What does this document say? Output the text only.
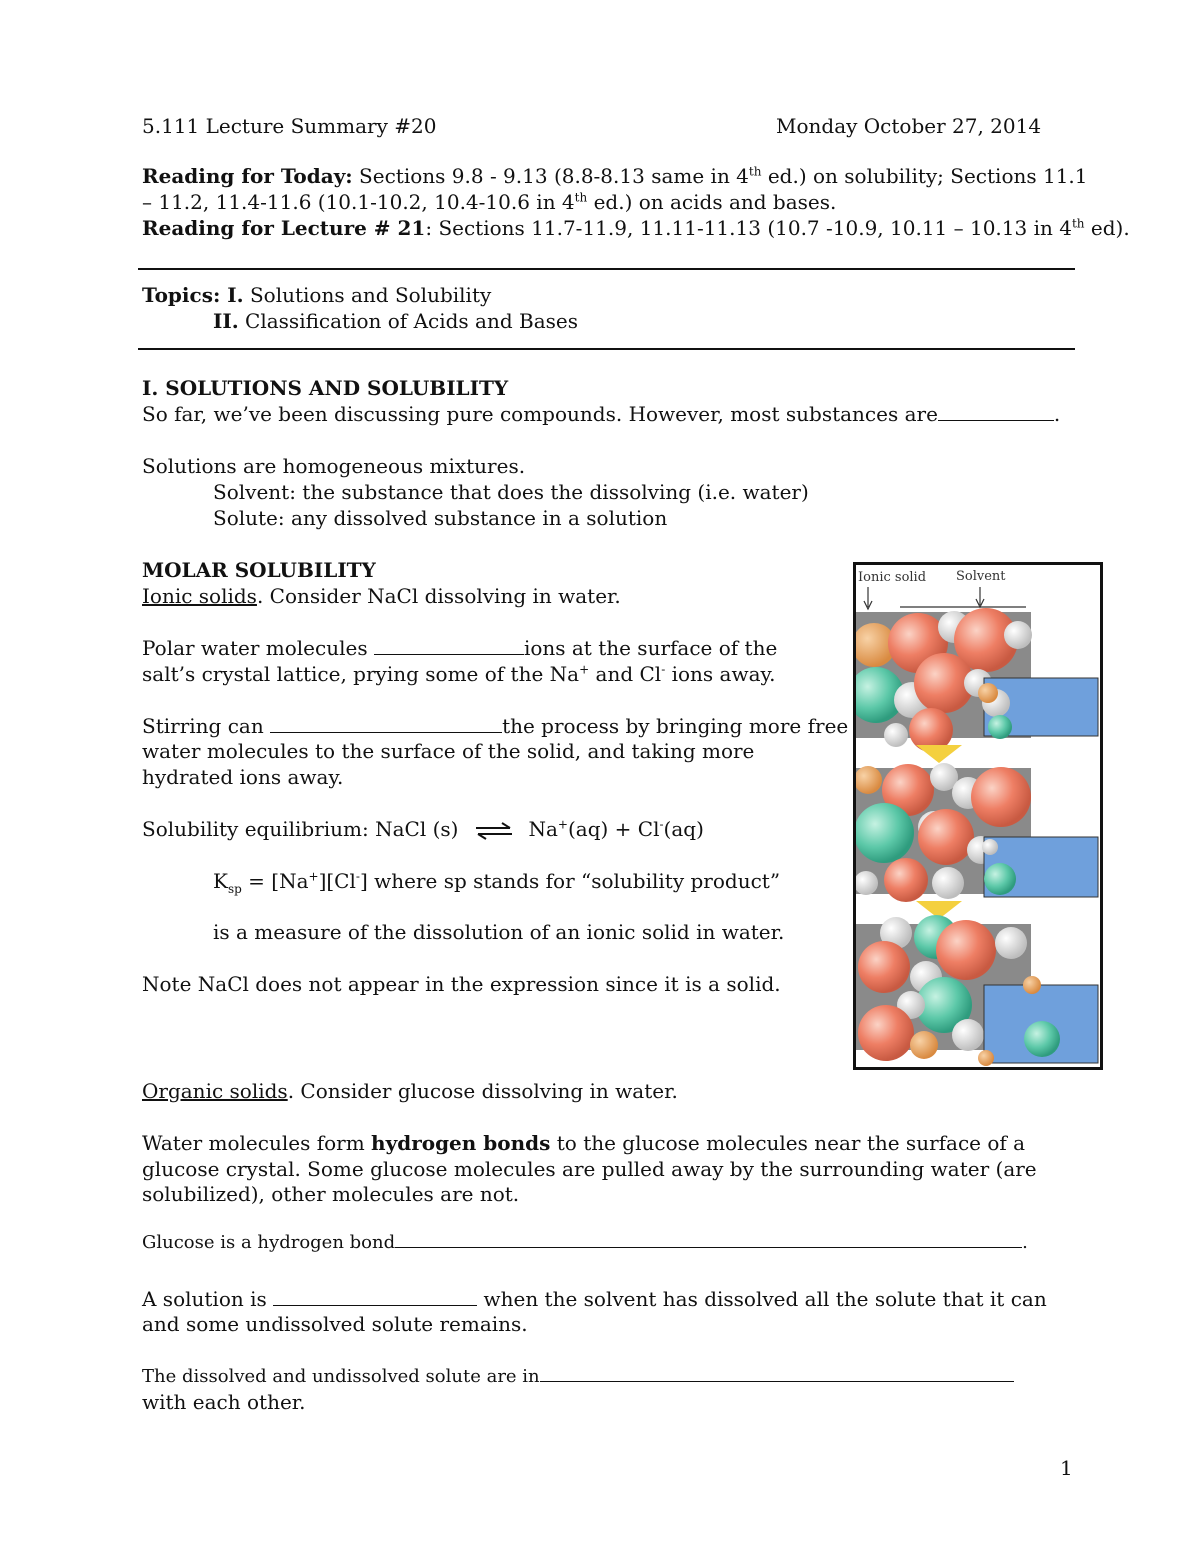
5.111 Lecture Summary #20	Monday October 27, 2014
Reading for Today: Sections 9.8 - 9.13 (8.8-8.13 same in 4th ed.) on solubility; Sections 11.1
– 11.2, 11.4-11.6 (10.1-10.2, 10.4-10.6 in 4th ed.) on acids and bases.
Reading for Lecture # 21: Sections 11.7-11.9, 11.11-11.13 (10.7 -10.9, 10.11 – 10.13 in 4th ed).
Topics: I. Solutions and Solubility
II. Classification of Acids and Bases
I. SOLUTIONS AND SOLUBILITY
So far, we’ve been discussing pure compounds. However, most substances are	.
Solutions are homogeneous mixtures.
Solvent: the substance that does the dissolving (i.e. water)
Solute: any dissolved substance in a solution
MOLAR SOLUBILITY
Ionic solids. Consider NaCl dissolving in water.
Polar water molecules	ions at the surface of the
salt’s crystal lattice, prying some of the Na+ and Cl- ions away.
Stirring can	the process by bringing more free
water molecules to the surface of the solid, and taking more
hydrated ions away.
Solubility equilibrium: NaCl (s) ⇌ Na+(aq) + Cl-(aq)
$K_{sp} = [Na^+][Cl^-]$ where sp stands for “solubility product”
is a measure of the dissolution of an ionic solid in water.
Note NaCl does not appear in the expression since it is a solid.
Ionic solid Solvent
Organic solids. Consider glucose dissolving in water.
Water molecules form hydrogen bonds to the glucose molecules near the surface of a
glucose crystal. Some glucose molecules are pulled away by the surrounding water (are
solubilized), other molecules are not.
Glucose is a hydrogen bond	.
A solution is	when the solvent has dissolved all the solute that it can
and some undissolved solute remains.
The dissolved and undissolved solute are in
with each other.
1
